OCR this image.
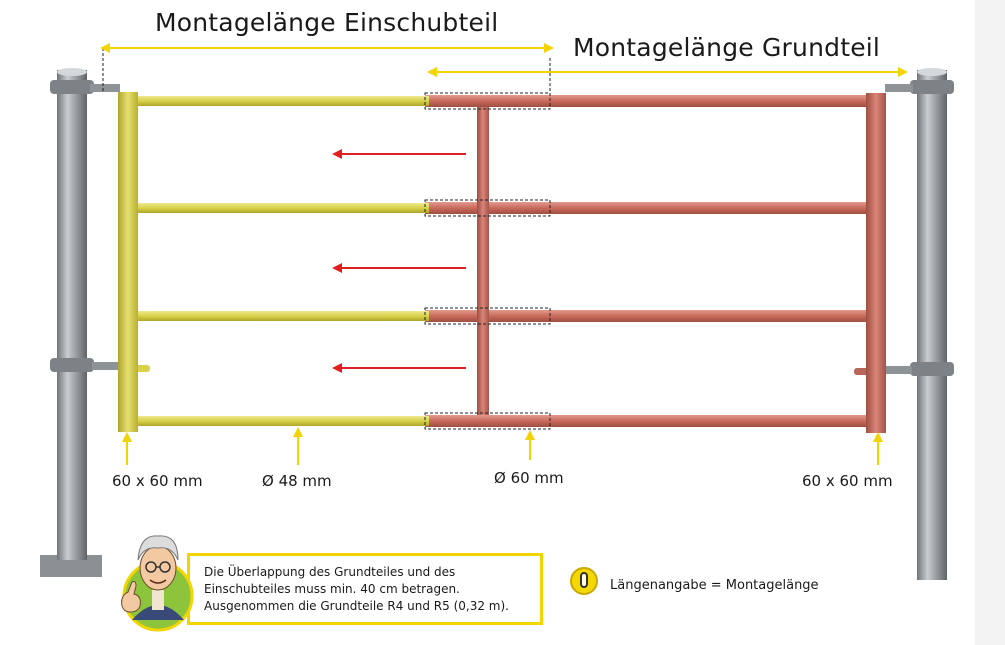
Montagelänge Einschubteil
Montagelänge Grundteil
60 x 60 mm	Ø 48 mm	Ø 60 mm	60 x 60 mm
Die Überlappung des Grundteiles und des
Einschubteiles muss min. 40 cm betragen.
Ausgenommen die Grundteile R4 und R5 (0,32 m).
Längenangabe = Montagelänge
